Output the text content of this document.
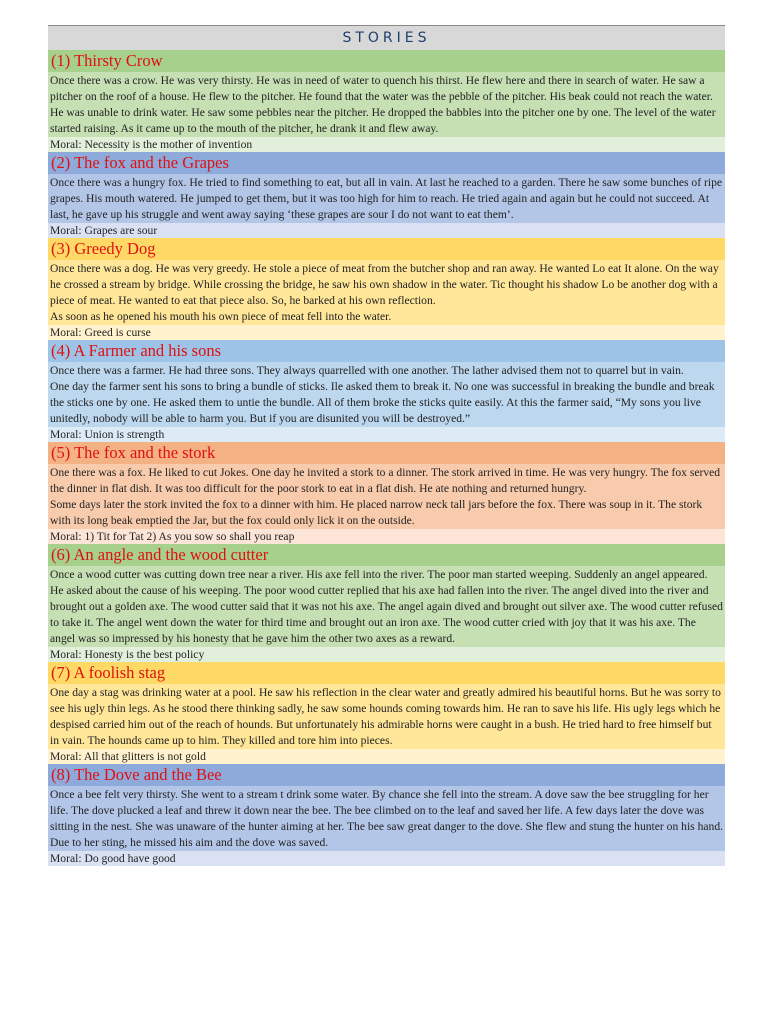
STORIES
(1) Thirsty Crow

Once there was a crow. He was very thirsty. He was in need of water to quench his thirst. He flew here and there in search of water. He saw a pitcher on the roof of a house. He flew to the pitcher. He found that the water was the pebble of the pitcher. His beak could not reach the water. He was unable to drink water. He saw some pebbles near the pitcher. He dropped the babbles into the pitcher one by one. The level of the water started raising. As it came up to the mouth of the pitcher, he drank it and flew away.

Moral: Necessity is the mother of invention
(2) The fox and the Grapes

Once there was a hungry fox. He tried to find something to eat, but all in vain. At last he reached to a garden. There he saw some bunches of ripe grapes. His mouth watered. He jumped to get them, but it was too high for him to reach. He tried again and again but he could not succeed. At last, he gave up his struggle and went away saying ‘these grapes are sour I do not want to eat them’.

Moral: Grapes are sour
(3) Greedy Dog

Once there was a dog. He was very greedy. He stole a piece of meat from the butcher shop and ran away. He wanted Lo eat It alone. On the way he crossed a stream by bridge. While crossing the bridge, he saw his own shadow in the water. Tic thought his shadow Lo be another dog with a piece of meat. He wanted to eat that piece also. So, he barked at his own reflection.

As soon as he opened his mouth his own piece of meat fell into the water.

Moral: Greed is curse
(4) A Farmer and his sons

Once there was a farmer. He had three sons. They always quarrelled with one another. The lather advised them not to quarrel but in vain.

One day the farmer sent his sons to bring a bundle of sticks. Ile asked them to break it. No one was successful in breaking the bundle and break the sticks one by one. He asked them to untie the bundle. All of them broke the sticks quite easily. At this the farmer said, “My sons you live unitedly, nobody will be able to harm you. But if you are disunited you will be destroyed.”

Moral: Union is strength
(5) The fox and the stork

One there was a fox. He liked to cut Jokes. One day he invited a stork to a dinner. The stork arrived in time. He was very hungry. The fox served the dinner in flat dish. It was too difficult for the poor stork to eat in a flat dish. He ate nothing and returned hungry.

Some days later the stork invited the fox to a dinner with him. He placed narrow neck tall jars before the fox. There was soup in it. The stork with its long beak emptied the Jar, but the fox could only lick it on the outside.

Moral: 1) Tit for Tat 2) As you sow so shall you reap
(6) An angle and the wood cutter

Once a wood cutter was cutting down tree near a river. His axe fell into the river. The poor man started weeping. Suddenly an angel appeared. He asked about the cause of his weeping. The poor wood cutter replied that his axe had fallen into the river. The angel dived into the river and brought out a golden axe. The wood cutter said that it was not his axe. The angel again dived and brought out silver axe. The wood cutter refused to take it. The angel went down the water for third time and brought out an iron axe. The wood cutter cried with joy that it was his axe. The angel was so impressed by his honesty that he gave him the other two axes as a reward.

Moral: Honesty is the best policy
(7) A foolish stag

One day a stag was drinking water at a pool. He saw his reflection in the clear water and greatly admired his beautiful horns. But he was sorry to see his ugly thin legs. As he stood there thinking sadly, he saw some hounds coming towards him. He ran to save his life. His ugly legs which he despised carried him out of the reach of hounds. But unfortunately his admirable horns were caught in a bush. He tried hard to free himself but in vain. The hounds came up to him. They killed and tore him into pieces.

Moral: All that glitters is not gold
(8) The Dove and the Bee

Once a bee felt very thirsty. She went to a stream t drink some water. By chance she fell into the stream. A dove saw the bee struggling for her life. The dove plucked a leaf and threw it down near the bee. The bee climbed on to the leaf and saved her life. A few days later the dove was sitting in the nest. She was unaware of the hunter aiming at her. The bee saw great danger to the dove. She flew and stung the hunter on his hand. Due to her sting, he missed his aim and the dove was saved.

Moral: Do good have good
